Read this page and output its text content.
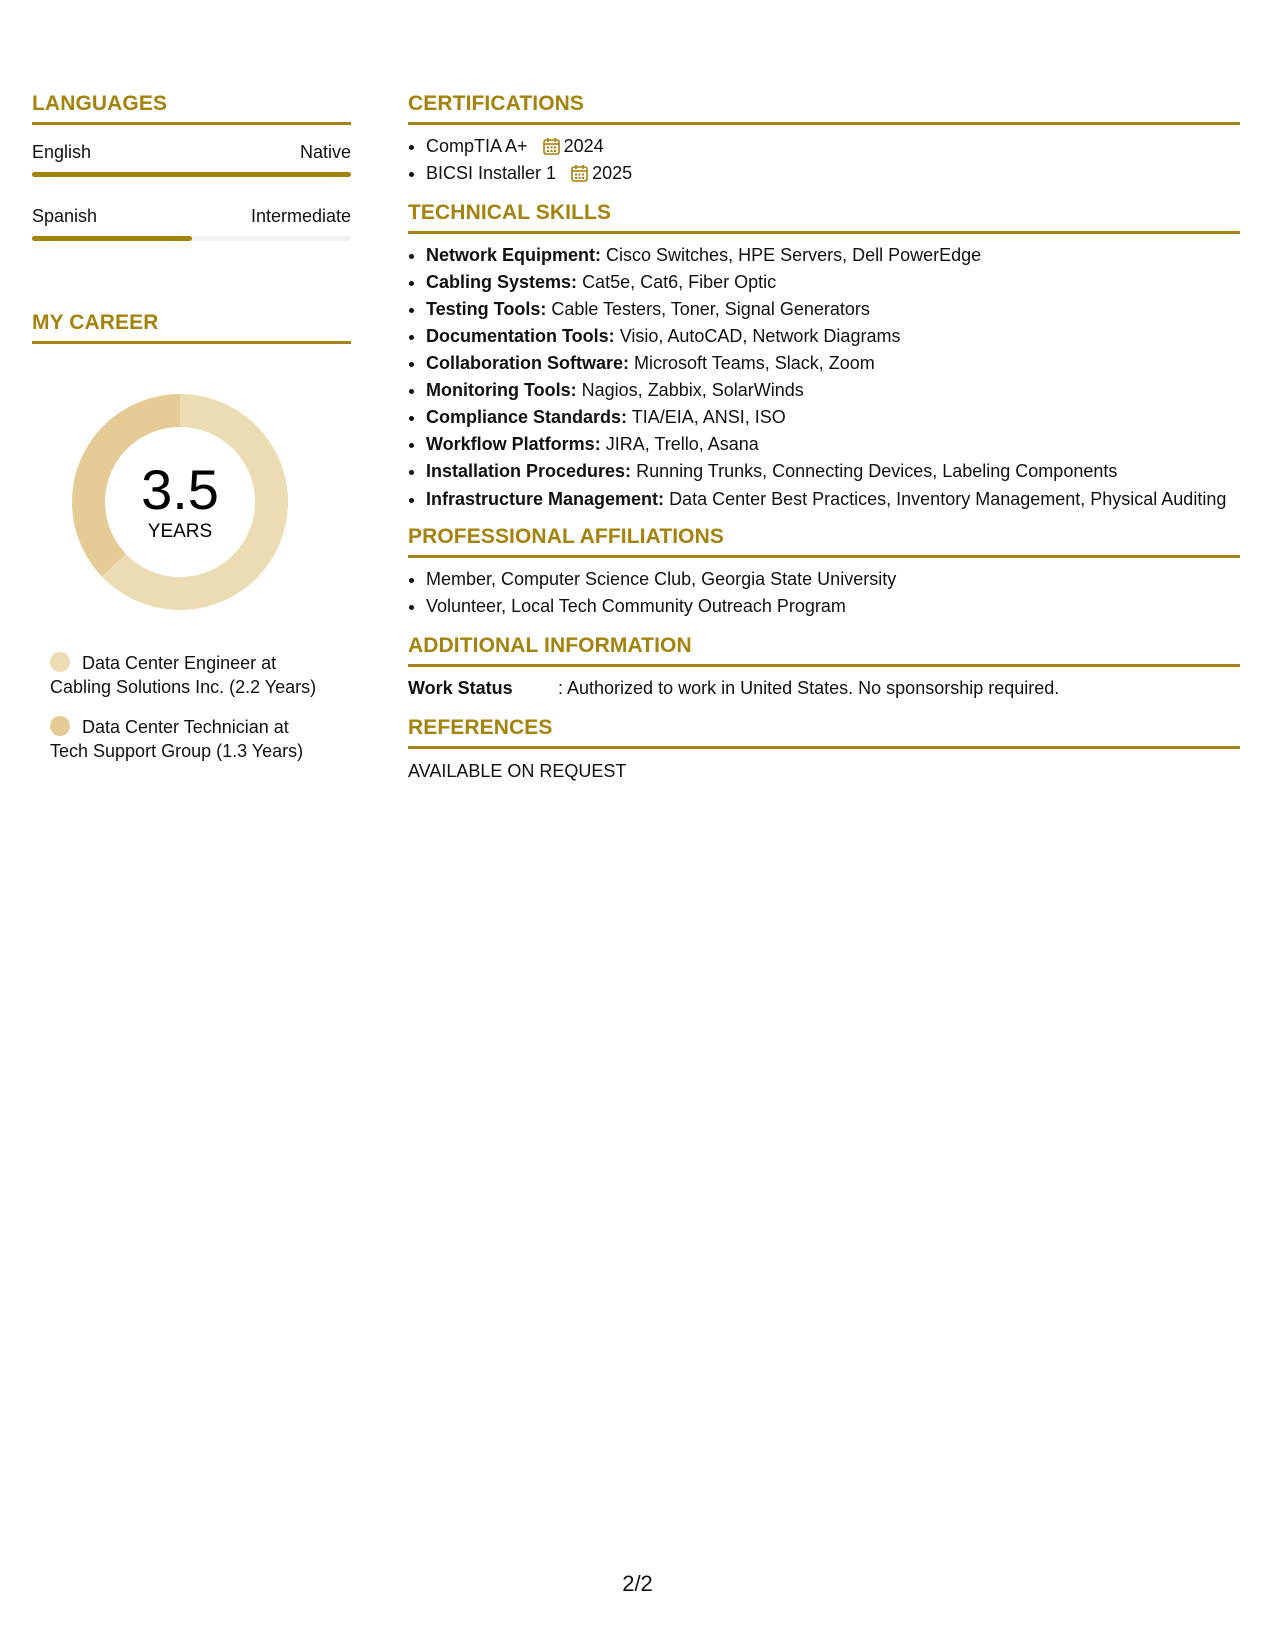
LANGUAGES
English	Native
Spanish	Intermediate
MY CAREER
3.5
YEARS
Data Center Engineer at Cabling Solutions Inc. (2.2 Years)
Data Center Technician at Tech Support Group (1.3 Years)
CERTIFICATIONS
• CompTIA A+ 2024
• BICSI Installer 1 2025
TECHNICAL SKILLS
• Network Equipment: Cisco Switches, HPE Servers, Dell PowerEdge
• Cabling Systems: Cat5e, Cat6, Fiber Optic
• Testing Tools: Cable Testers, Toner, Signal Generators
• Documentation Tools: Visio, AutoCAD, Network Diagrams
• Collaboration Software: Microsoft Teams, Slack, Zoom
• Monitoring Tools: Nagios, Zabbix, SolarWinds
• Compliance Standards: TIA/EIA, ANSI, ISO
• Workflow Platforms: JIRA, Trello, Asana
• Installation Procedures: Running Trunks, Connecting Devices, Labeling Components
• Infrastructure Management: Data Center Best Practices, Inventory Management, Physical Auditing
PROFESSIONAL AFFILIATIONS
• Member, Computer Science Club, Georgia State University
• Volunteer, Local Tech Community Outreach Program
ADDITIONAL INFORMATION
Work Status	: Authorized to work in United States. No sponsorship required.
REFERENCES
AVAILABLE ON REQUEST
2/2
